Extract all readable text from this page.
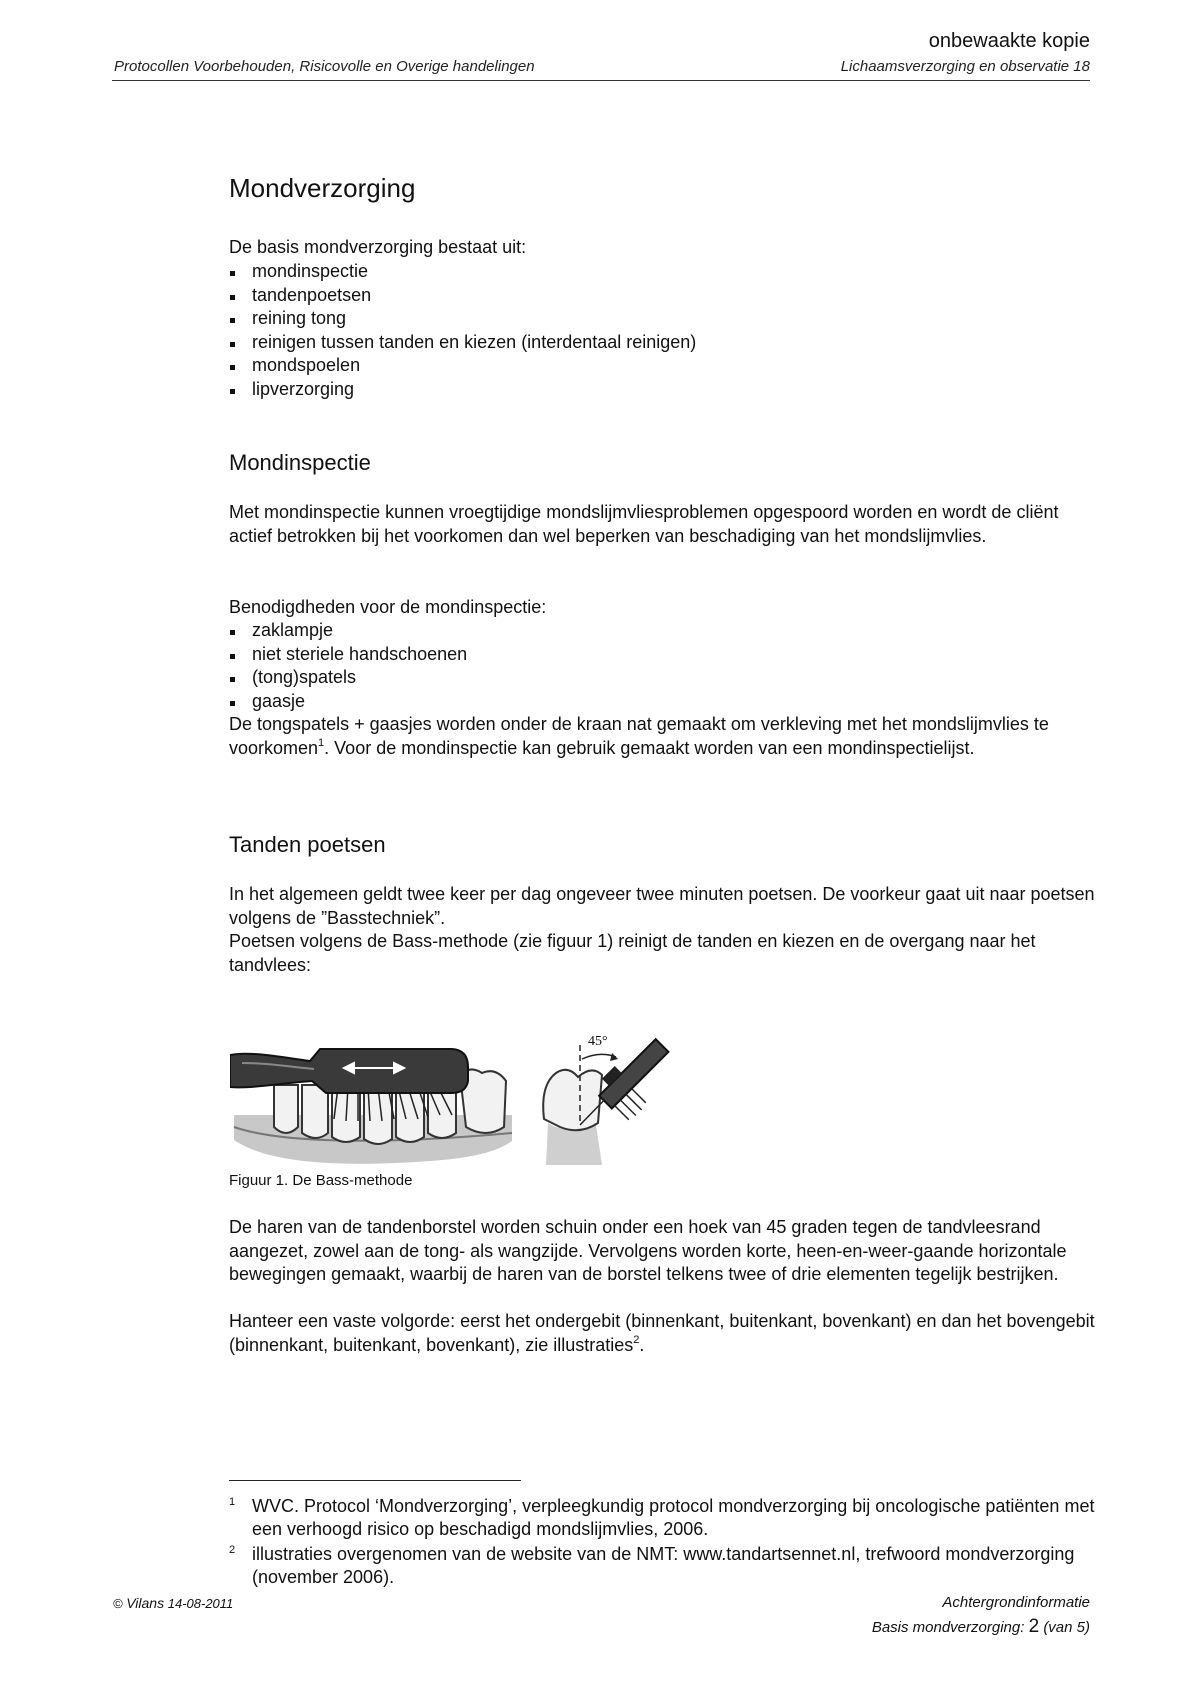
onbewaakte kopie
Protocollen Voorbehouden, Risicovolle en Overige handelingen	Lichaamsverzorging en observatie 18
Mondverzorging

De basis mondverzorging bestaat uit:

mondinspectie
tandenpoetsen
reining tong
reinigen tussen tanden en kiezen (interdentaal reinigen)
mondspoelen
lipverzorging
Mondinspectie

Met mondinspectie kunnen vroegtijdige mondslijmvliesproblemen opgespoord worden en wordt de cliënt actief betrokken bij het voorkomen dan wel beperken van beschadiging van het mondslijmvlies.

Benodigdheden voor de mondinspectie:

zaklampje
niet steriele handschoenen
(tong)spatels
gaasje

De tongspatels + gaasjes worden onder de kraan nat gemaakt om verkleving met het mondslijmvlies te voorkomen$^1$. Voor de mondinspectie kan gebruik gemaakt worden van een mondinspectielijst.

Tanden poetsen

In het algemeen geldt twee keer per dag ongeveer twee minuten poetsen. De voorkeur gaat uit naar poetsen volgens de ”Basstechniek”.

Poetsen volgens de Bass-methode (zie figuur 1) reinigt de tanden en kiezen en de overgang naar het tandvlees:

45°
Figuur 1. De Bass-methode

De haren van de tandenborstel worden schuin onder een hoek van 45 graden tegen de tandvleesrand aangezet, zowel aan de tong- als wangzijde. Vervolgens worden korte, heen-en-weer-gaande horizontale bewegingen gemaakt, waarbij de haren van de borstel telkens twee of drie elementen tegelijk bestrijken.

Hanteer een vaste volgorde: eerst het ondergebit (binnenkant, buitenkant, bovenkant) en dan het bovengebit (binnenkant, buitenkant, bovenkant), zie illustraties$^2$.

1 WVC. Protocol ‘Mondverzorging’, verpleegkundig protocol mondverzorging bij oncologische patiënten met een verhoogd risico op beschadigd mondslijmvlies, 2006.
2 illustraties overgenomen van de website van de NMT: www.tandartsennet.nl, trefwoord mondverzorging (november 2006).
© Vilans 14-08-2011	Achtergrondinformatie
Basis mondverzorging: 2 (van 5)
